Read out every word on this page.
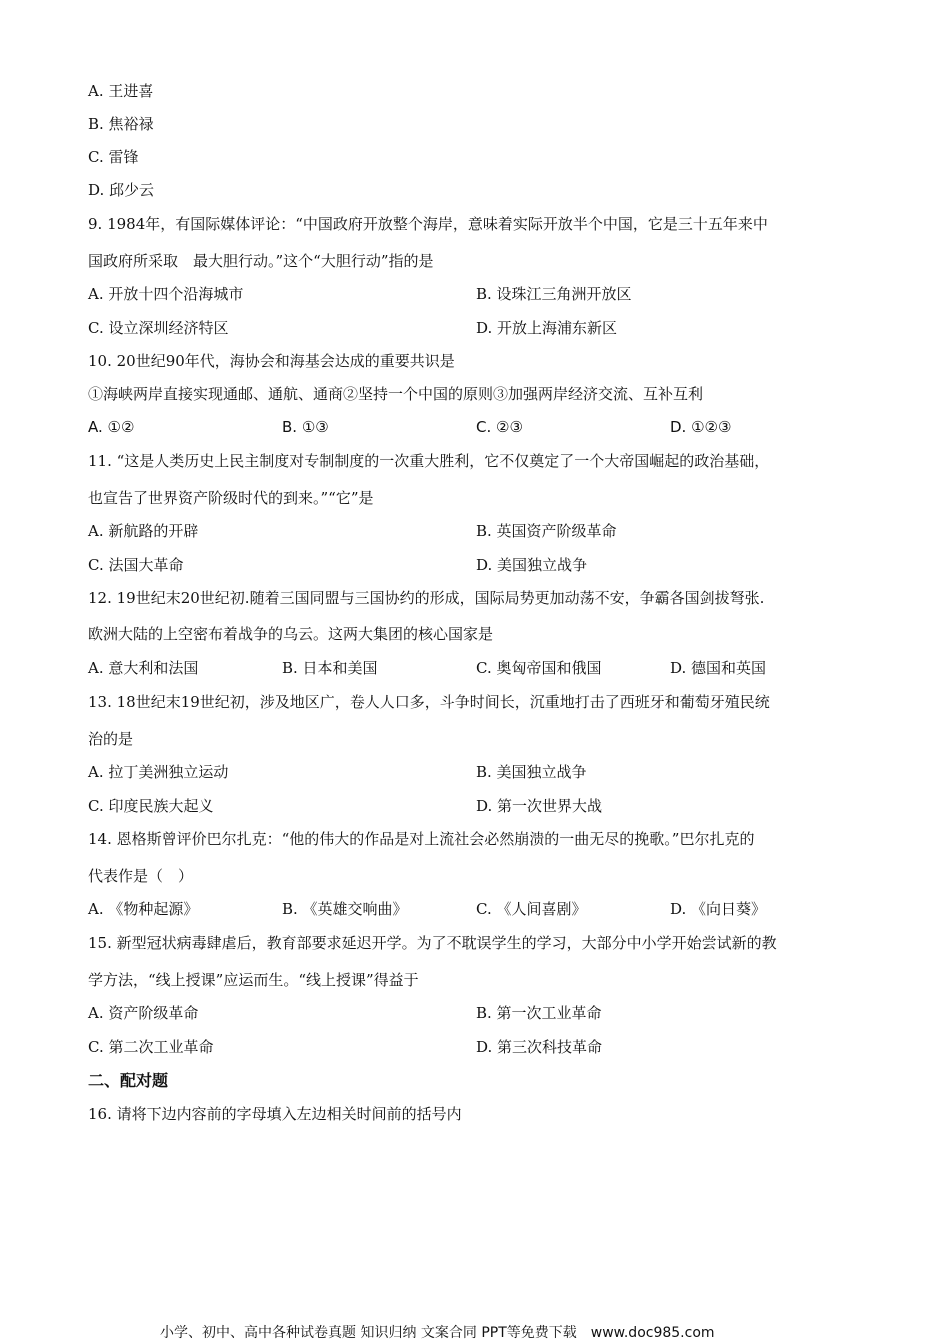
A. 王进喜
B. 焦裕禄
C. 雷锋
D. 邱少云
9. 1984年，有国际媒体评论：“中国政府开放整个海岸，意味着实际开放半个中国，它是三十五年来中
国政府所采取　最大胆行动。”这个“大胆行动”指的是
A. 开放十四个沿海城市	B. 设珠江三角洲开放区
C. 设立深圳经济特区	D. 开放上海浦东新区
10. 20世纪90年代，海协会和海基会达成的重要共识是
①海峡两岸直接实现通邮、通航、通商②坚持一个中国的原则③加强两岸经济交流、互补互利
A. ①②	B. ①③	C. ②③	D. ①②③
11. “这是人类历史上民主制度对专制制度的一次重大胜利，它不仅奠定了一个大帝国崛起的政治基础，
也宣告了世界资产阶级时代的到来。”“它”是
A. 新航路的开辟	B. 英国资产阶级革命
C. 法国大革命	D. 美国独立战争
12. 19世纪末20世纪初.随着三国同盟与三国协约的形成，国际局势更加动荡不安，争霸各国剑拔弩张.
欧洲大陆的上空密布着战争的乌云。这两大集团的核心国家是
A. 意大利和法国	B. 日本和美国	C. 奥匈帝国和俄国	D. 德国和英国
13. 18世纪末19世纪初，涉及地区广，卷人人口多，斗争时间长，沉重地打击了西班牙和葡萄牙殖民统
治的是
A. 拉丁美洲独立运动	B. 美国独立战争
C. 印度民族大起义	D. 第一次世界大战
14. 恩格斯曾评价巴尔扎克：“他的伟大的作品是对上流社会必然崩溃的一曲无尽的挽歌。”巴尔扎克的
代表作是（　）
A. 《物种起源》	B. 《英雄交响曲》	C. 《人间喜剧》	D. 《向日葵》
15. 新型冠状病毒肆虐后，教育部要求延迟开学。为了不耽误学生的学习，大部分中小学开始尝试新的教
学方法，“线上授课”应运而生。“线上授课”得益于
A. 资产阶级革命	B. 第一次工业革命
C. 第二次工业革命	D. 第三次科技革命
二、配对题
16. 请将下边内容前的字母填入左边相关时间前的括号内
小学、初中、高中各种试卷真题 知识归纳 文案合同 PPT等免费下载　www.doc985.com
